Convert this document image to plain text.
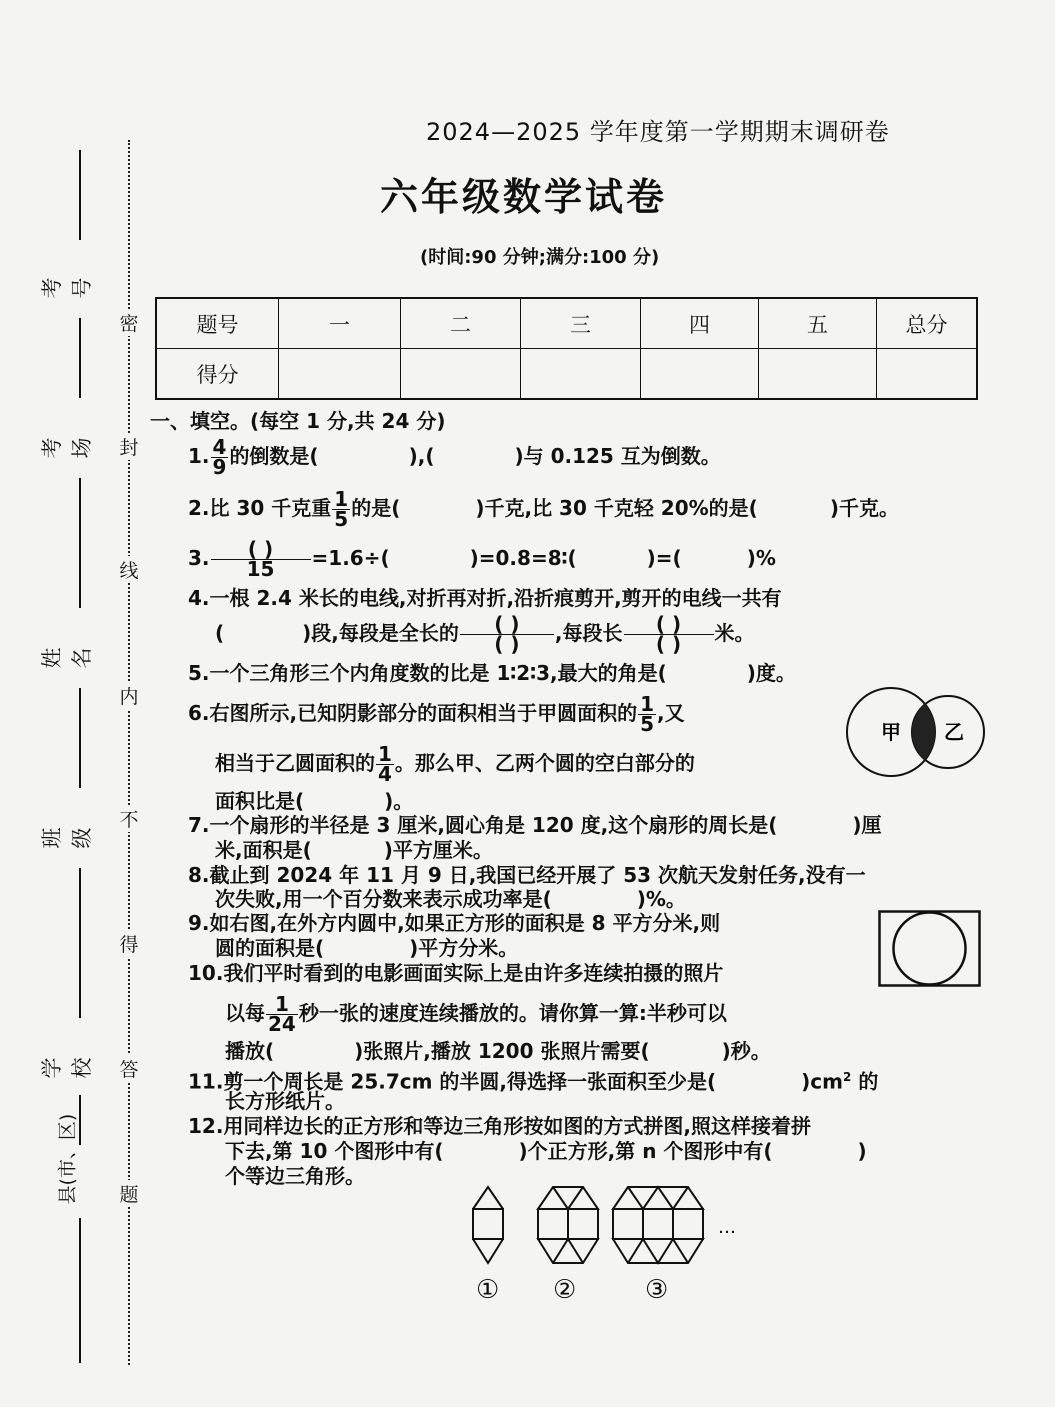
考号
考场
姓名
班级
学校
县(市、区)
密
封
线
内
不
得
答
题
2024—2025 学年度第一学期期末调研卷
六年级数学试卷
(时间:90 分钟;满分:100 分)
题号	一	二	三	四	五	总分
得分						
一、填空。(每空 1 分,共 24 分)
1. $\frac{4}{9}$ 的倒数是(	),(	)与 0.125 互为倒数。
2.比 30 千克重 $\frac{1}{5}$ 的是(	)千克,比 30 千克轻 20%的是(	)千克。
3. $\frac{( )}{15} =1.6\div$(	)=0.8=8∶(	)=(	)%
4.一根 2.4 米长的电线,对折再对折,沿折痕剪开,剪开的电线一共有
(	)段,每段是全长的 $\frac{( )}{( )}$ ,每段长 $\frac{( )}{( )}$ 米。
5.一个三角形三个内角度数的比是 1∶2∶3,最大的角是(	)度。
6.右图所示,已知阴影部分的面积相当于甲圆面积的 $\frac{1}{5}$ ,又
相当于乙圆面积的 $\frac{1}{4}$ 。那么甲、乙两个圆的空白部分的
面积比是(	)。
甲 乙
7.一个扇形的半径是 3 厘米,圆心角是 120 度,这个扇形的周长是(	)厘
米,面积是(	)平方厘米。
8.截止到 2024 年 11 月 9 日,我国已经开展了 53 次航天发射任务,没有一
次失败,用一个百分数来表示成功率是(	)%。
9.如右图,在外方内圆中,如果正方形的面积是 8 平方分米,则
圆的面积是(	)平方分米。
10.我们平时看到的电影画面实际上是由许多连续拍摄的照片
以每 $\frac{1}{24}$ 秒一张的速度连续播放的。请你算一算:半秒可以
播放(	)张照片,播放 1200 张照片需要(	)秒。
11.剪一个周长是 25.7cm 的半圆,得选择一张面积至少是(	)$cm^2$ 的
长方形纸片。
12.用同样边长的正方形和等边三角形按如图的方式拼图,照这样接着拼
下去,第 10 个图形中有(	)个正方形,第 n 个图形中有(	)
个等边三角形。
…
① ②	③
